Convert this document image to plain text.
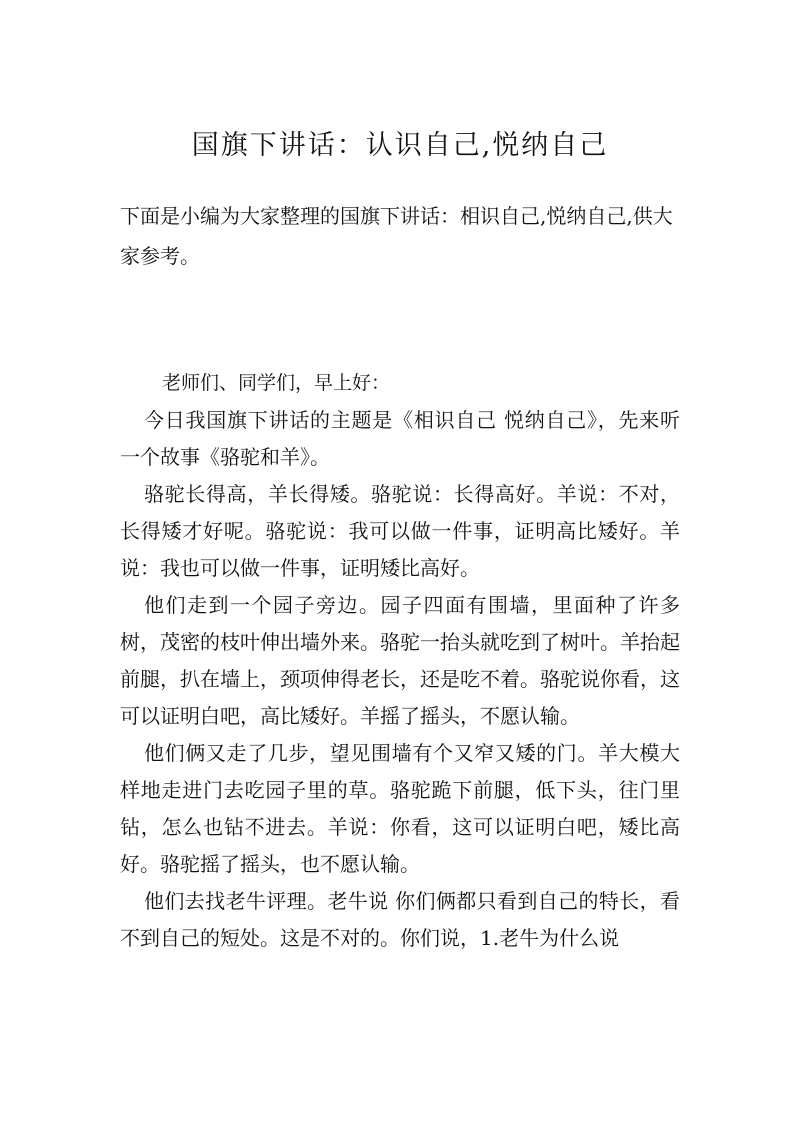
国旗下讲话：认识自己,悦纳自己

下面是小编为大家整理的国旗下讲话：相识自己,悦纳自己,供大家参考。

老师们、同学们，早上好：

今日我国旗下讲话的主题是《相识自己 悦纳自己》，先来听一个故事《骆驼和羊》。

骆驼长得高，羊长得矮。骆驼说：长得高好。羊说：不对，长得矮才好呢。骆驼说：我可以做一件事，证明高比矮好。羊说：我也可以做一件事，证明矮比高好。

他们走到一个园子旁边。园子四面有围墙，里面种了许多树，茂密的枝叶伸出墙外来。骆驼一抬头就吃到了树叶。羊抬起前腿，扒在墙上，颈项伸得老长，还是吃不着。骆驼说你看，这可以证明白吧，高比矮好。羊摇了摇头，不愿认输。

他们俩又走了几步，望见围墙有个又窄又矮的门。羊大模大样地走进门去吃园子里的草。骆驼跪下前腿，低下头，往门里钻，怎么也钻不进去。羊说：你看，这可以证明白吧，矮比高好。骆驼摇了摇头，也不愿认输。

他们去找老牛评理。老牛说 你们俩都只看到自己的特长，看不到自己的短处。这是不对的。你们说，1.老牛为什么说
